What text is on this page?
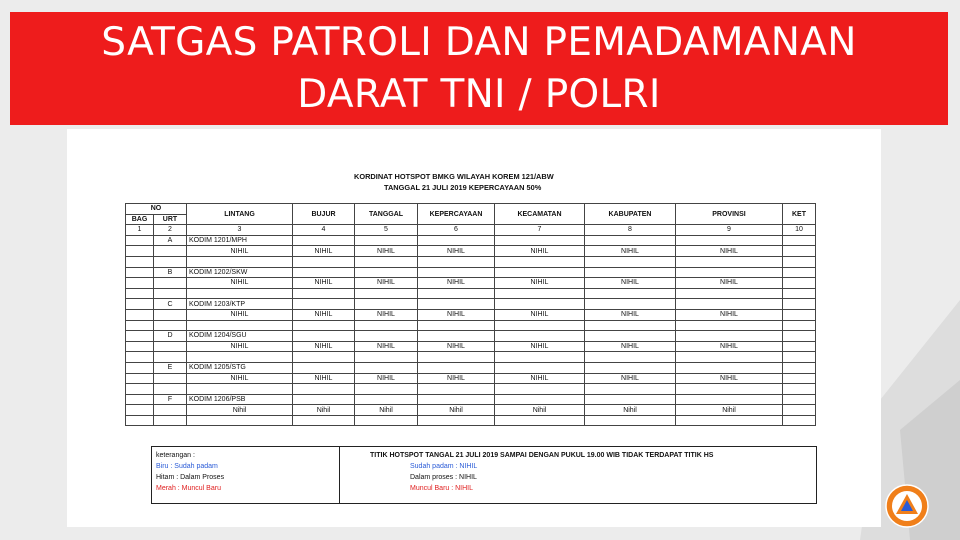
SATGAS PATROLI DAN PEMADAMANAN
DARAT TNI / POLRI
KORDINAT HOTSPOT BMKG WILAYAH KOREM 121/ABW
TANGGAL 21 JULI 2019 KEPERCAYAAN 50%
NO		LINTANG	BUJUR	TANGGAL	KEPERCAYAAN	KECAMATAN	KABUPATEN	PROVINSI	KET
BAG	URT								
1	2	3	4	5	6	7	8	9	10
	A	KODIM 1201/MPH							
		NIHIL	NIHIL	NIHIL	NIHIL	NIHIL	NIHIL	NIHIL	

	B	KODIM 1202/SKW							
		NIHIL	NIHIL	NIHIL	NIHIL	NIHIL	NIHIL	NIHIL	

	C	KODIM 1203/KTP							
		NIHIL	NIHIL	NIHIL	NIHIL	NIHIL	NIHIL	NIHIL	

	D	KODIM 1204/SGU							
		NIHIL	NIHIL	NIHIL	NIHIL	NIHIL	NIHIL	NIHIL	

	E	KODIM 1205/STG							
		NIHIL	NIHIL	NIHIL	NIHIL	NIHIL	NIHIL	NIHIL	

	F	KODIM 1206/PSB							
		Nihil	Nihil	Nihil	Nihil	Nihil	Nihil	Nihil	

keterangan :
Biru : Sudah padam
Hitam : Dalam Proses
Merah : Muncul Baru
TITIK HOTSPOT TANGAL 21 JULI 2019 SAMPAI DENGAN PUKUL 19.00 WIB TIDAK TERDAPAT TITIK HS
Sudah padam : NIHIL
Dalam proses : NIHIL
Muncul Baru : NIHIL
